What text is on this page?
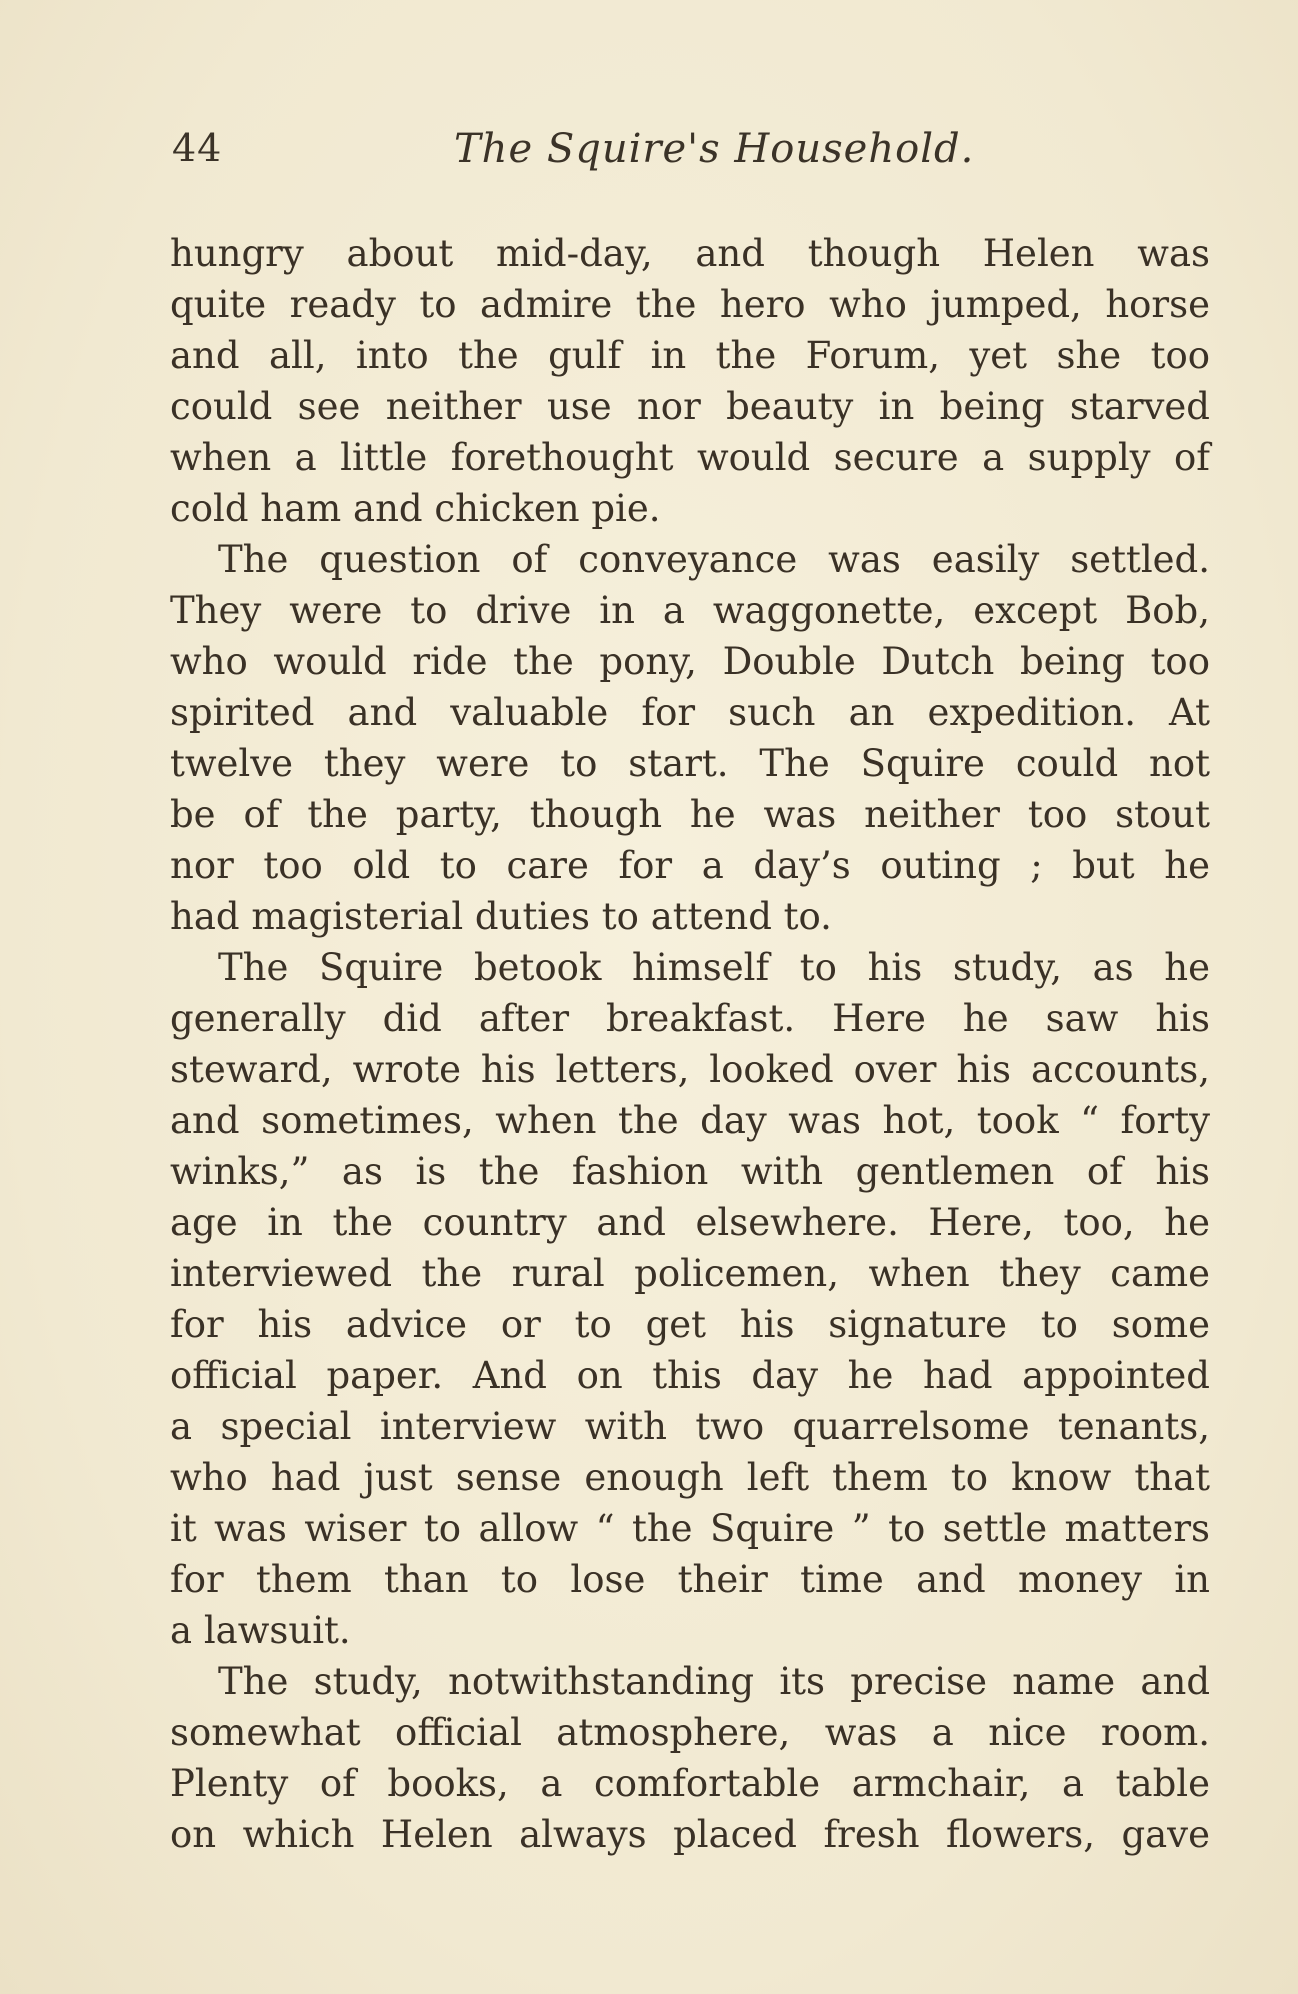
44	The Squire's Household.
hungry about mid-day, and though Helen was
quite ready to admire the hero who jumped, horse
and all, into the gulf in the Forum, yet she too
could see neither use nor beauty in being starved
when a little forethought would secure a supply of
cold ham and chicken pie.
The question of conveyance was easily settled.
They were to drive in a waggonette, except Bob,
who would ride the pony, Double Dutch being too
spirited and valuable for such an expedition. At
twelve they were to start. The Squire could not
be of the party, though he was neither too stout
nor too old to care for a day’s outing ; but he
had magisterial duties to attend to.
The Squire betook himself to his study, as he
generally did after breakfast. Here he saw his
steward, wrote his letters, looked over his accounts,
and sometimes, when the day was hot, took “ forty
winks,” as is the fashion with gentlemen of his
age in the country and elsewhere. Here, too, he
interviewed the rural policemen, when they came
for his advice or to get his signature to some
official paper. And on this day he had appointed
a special interview with two quarrelsome tenants,
who had just sense enough left them to know that
it was wiser to allow “ the Squire ” to settle matters
for them than to lose their time and money in
a lawsuit.
The study, notwithstanding its precise name and
somewhat official atmosphere, was a nice room.
Plenty of books, a comfortable armchair, a table
on which Helen always placed fresh flowers, gave
